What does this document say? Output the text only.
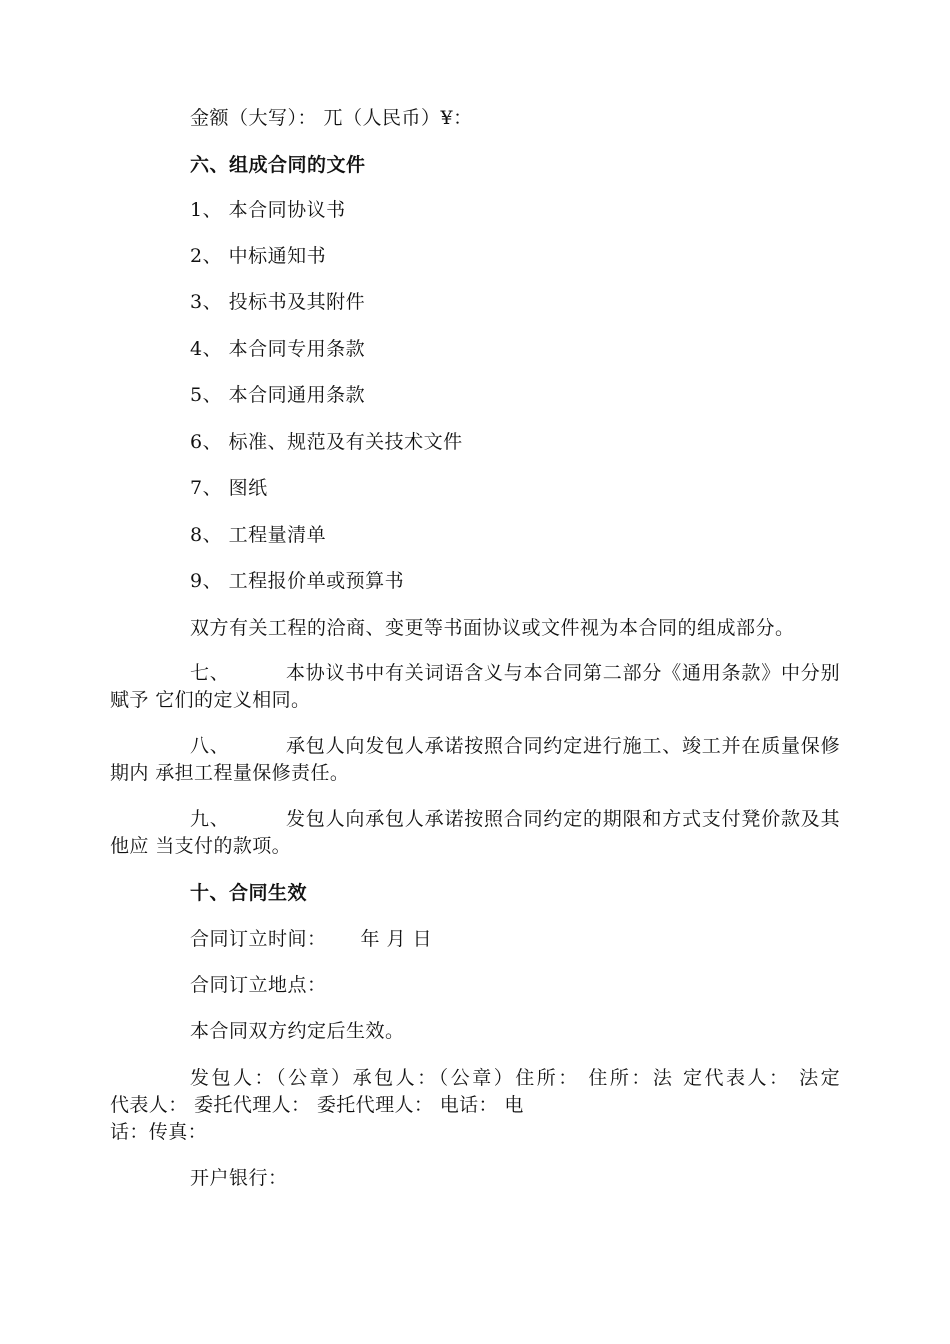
金额（大写）： 兀（人民币）¥：
六、组成合同的文件
1、 本合同协议书
2、 中标通知书
3、 投标书及其附件
4、 本合同专用条款
5、 本合同通用条款
6、 标准、规范及有关技术文件
7、 图纸
8、 工程量清单
9、 工程报价单或预算书
双方有关工程的洽商、变更等书面协议或文件视为本合同的组成部分。
七、	本协议书中有关词语含义与本合同第二部分《通用条款》中分别
赋予 它们的定义相同。
八、	承包人向发包人承诺按照合同约定进行施工、竣工并在质量保修
期内 承担工程量保修责任。
九、	发包人向承包人承诺按照合同约定的期限和方式支付凳价款及其
他应 当支付的款项。
十、合同生效
合同订立时间： 年 月 日
合同订立地点：
本合同双方约定后生效。
发包人：（公章）承包人：（公章）住所： 住所：法 定代表人： 法定
代表人： 委托代理人： 委托代理人： 电话： 电
话：传真：
开户银行：
